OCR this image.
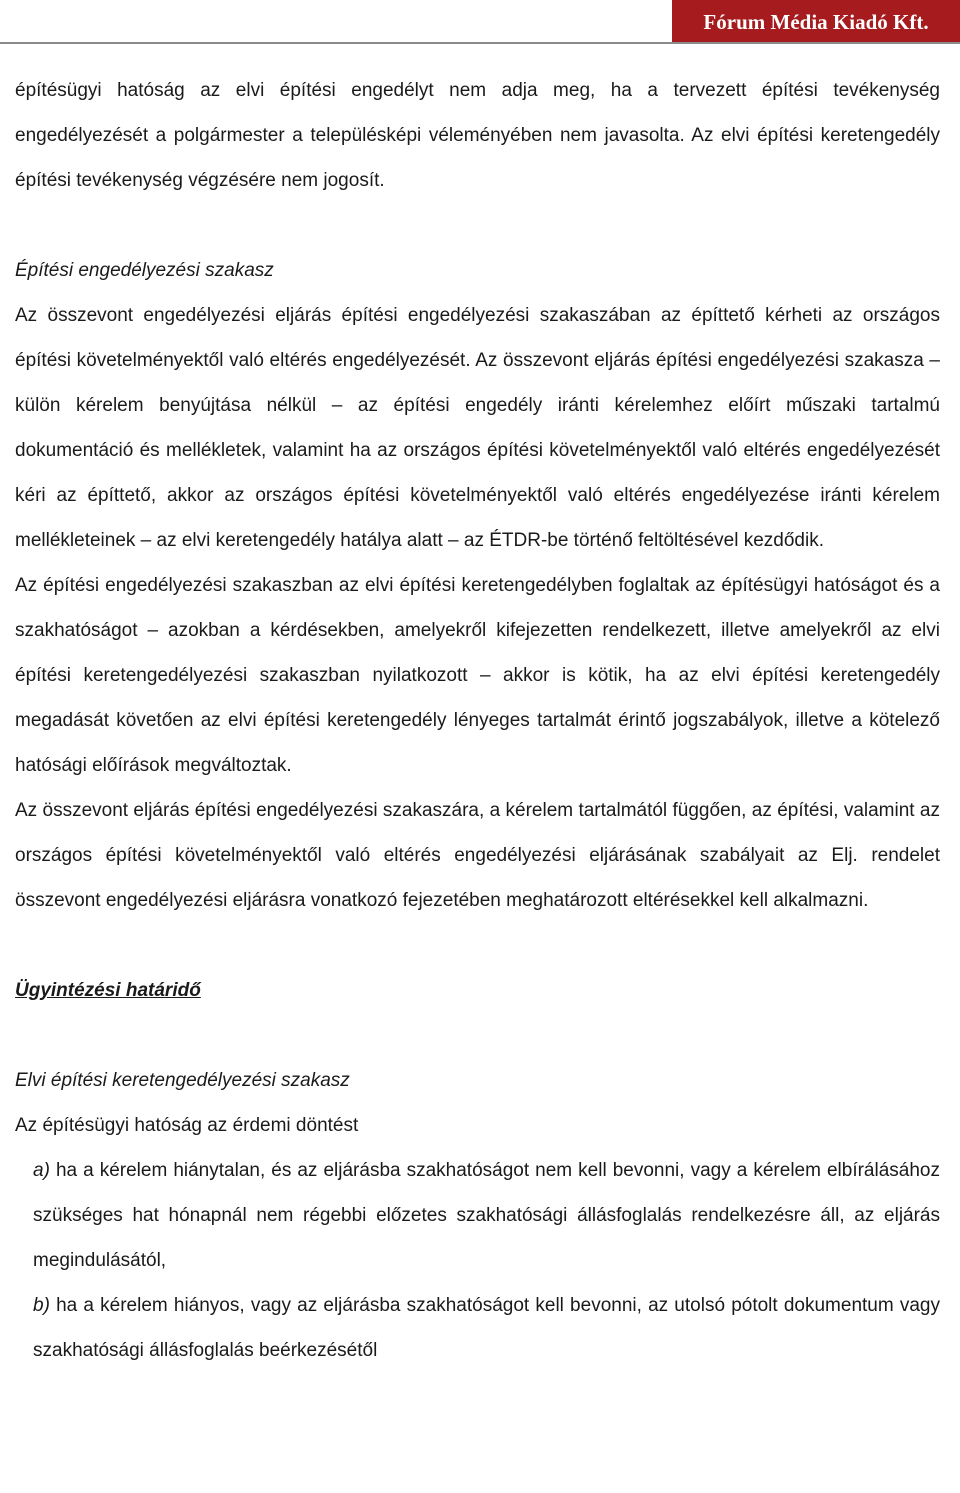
Fórum Média Kiadó Kft.

építésügyi hatóság az elvi építési engedélyt nem adja meg, ha a tervezett építési tevékenység engedélyezését a polgármester a településképi véleményében nem javasolta. Az elvi építési keretengedély építési tevékenység végzésére nem jogosít.

Építési engedélyezési szakasz

Az összevont engedélyezési eljárás építési engedélyezési szakaszában az építtető kérheti az országos építési követelményektől való eltérés engedélyezését. Az összevont eljárás építési engedélyezési szakasza – külön kérelem benyújtása nélkül – az építési engedély iránti kérelemhez előírt műszaki tartalmú dokumentáció és mellékletek, valamint ha az országos építési követelményektől való eltérés engedélyezését kéri az építtető, akkor az országos építési követelményektől való eltérés engedélyezése iránti kérelem mellékleteinek – az elvi keretengedély hatálya alatt – az ÉTDR-be történő feltöltésével kezdődik.

Az építési engedélyezési szakaszban az elvi építési keretengedélyben foglaltak az építésügyi hatóságot és a szakhatóságot – azokban a kérdésekben, amelyekről kifejezetten rendelkezett, illetve amelyekről az elvi építési keretengedélyezési szakaszban nyilatkozott – akkor is kötik, ha az elvi építési keretengedély megadását követően az elvi építési keretengedély lényeges tartalmát érintő jogszabályok, illetve a kötelező hatósági előírások megváltoztak.

Az összevont eljárás építési engedélyezési szakaszára, a kérelem tartalmától függően, az építési, valamint az országos építési követelményektől való eltérés engedélyezési eljárásának szabályait az Elj. rendelet összevont engedélyezési eljárásra vonatkozó fejezetében meghatározott eltérésekkel kell alkalmazni.

Ügyintézési határidő

Elvi építési keretengedélyezési szakasz

Az építésügyi hatóság az érdemi döntést

a) ha a kérelem hiánytalan, és az eljárásba szakhatóságot nem kell bevonni, vagy a kérelem elbírálásához szükséges hat hónapnál nem régebbi előzetes szakhatósági állásfoglalás rendelkezésre áll, az eljárás megindulásától,

b) ha a kérelem hiányos, vagy az eljárásba szakhatóságot kell bevonni, az utolsó pótolt dokumentum vagy szakhatósági állásfoglalás beérkezésétől
